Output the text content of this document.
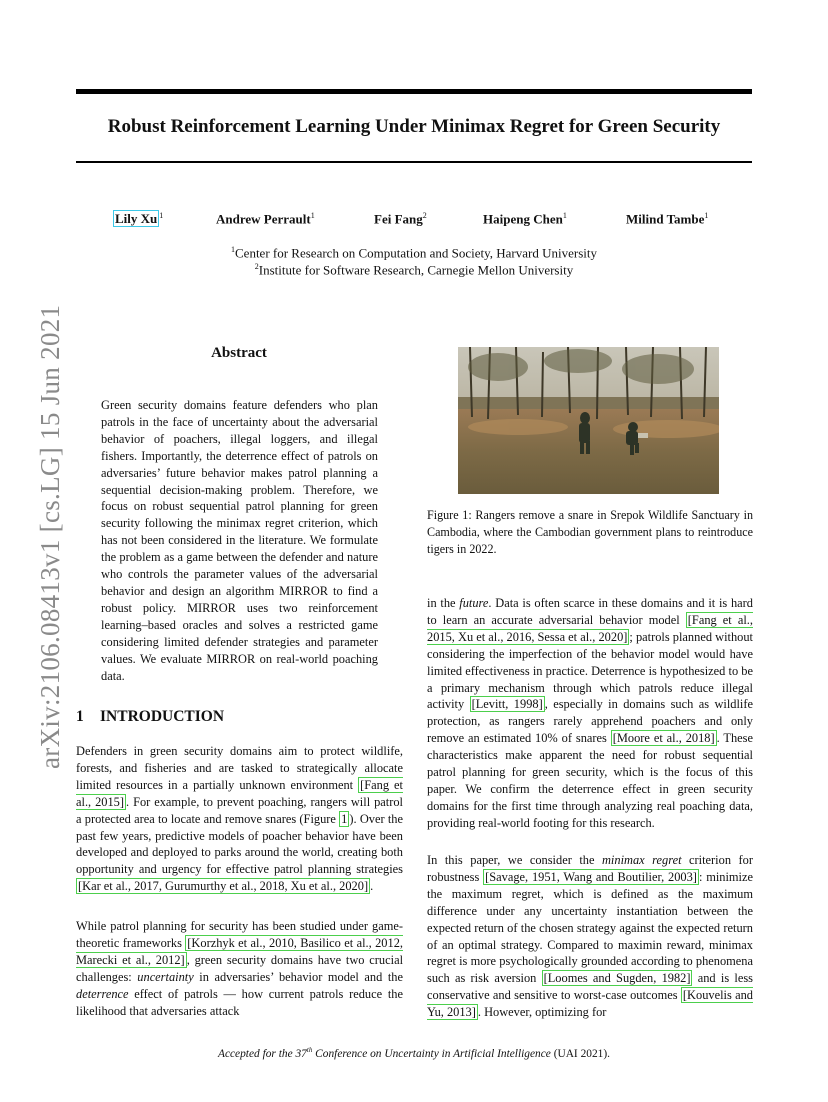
Robust Reinforcement Learning Under Minimax Regret for Green Security
Lily Xu $^1$	Andrew Perrault$^1$	Fei Fang$^2$	Haipeng Chen$^1$	Milind Tambe$^1$
$^1$Center for Research on Computation and Society, Harvard University
$^2$Institute for Software Research, Carnegie Mellon University
arXiv:2106.08413v1 [cs.LG] 15 Jun 2021	Abstract
Green security domains feature defenders who plan patrols in the face of uncertainty about the adversarial behavior of poachers, illegal loggers, and illegal fishers. Importantly, the deterrence effect of patrols on adversaries’ future behavior makes patrol planning a sequential decision-making problem. Therefore, we focus on robust sequential patrol planning for green security following the minimax regret criterion, which has not been considered in the literature. We formulate the problem as a game between the defender and nature who controls the parameter values of the adversarial behavior and design an algorithm MIRROR to find a robust policy. MIRROR uses two reinforcement learning–based oracles and solves a restricted game considering limited defender strategies and parameter values. We evaluate MIRROR on real-world poaching data.
1 INTRODUCTION
Defenders in green security domains aim to protect wildlife, forests, and fisheries and are tasked to strategically allocate limited resources in a partially unknown environment [Fang et al., 2015] . For example, to prevent poaching, rangers will patrol a protected area to locate and remove snares (Figure 1 ). Over the past few years, predictive models of poacher behavior have been developed and deployed to parks around the world, creating both opportunity and urgency for effective patrol planning strategies [Kar et al., 2017, Gurumurthy et al., 2018, Xu et al., 2020] .
While patrol planning for security has been studied under game-theoretic frameworks [Korzhyk et al., 2010, Basilico et al., 2012, Marecki et al., 2012] , green security domains have two crucial challenges: uncertainty in adversaries’ behavior model and the deterrence effect of patrols — how current patrols reduce the likelihood that adversaries attack
Figure 1: Rangers remove a snare in Srepok Wildlife Sanctuary in Cambodia, where the Cambodian government plans to reintroduce tigers in 2022.
in the future. Data is often scarce in these domains and it is hard to learn an accurate adversarial behavior model [Fang et al., 2015, Xu et al., 2016, Sessa et al., 2020] ; patrols planned without considering the imperfection of the behavior model would have limited effectiveness in practice. Deterrence is hypothesized to be a primary mechanism through which patrols reduce illegal activity [Levitt, 1998] , especially in domains such as wildlife protection, as rangers rarely apprehend poachers and only remove an estimated 10% of snares [Moore et al., 2018] . These characteristics make apparent the need for robust sequential patrol planning for green security, which is the focus of this paper. We confirm the deterrence effect in green security domains for the first time through analyzing real poaching data, providing real-world footing for this research.
In this paper, we consider the minimax regret criterion for robustness [Savage, 1951, Wang and Boutilier, 2003] : minimize the maximum regret, which is defined as the maximum difference under any uncertainty instantiation between the expected return of the chosen strategy against the expected return of an optimal strategy. Compared to maximin reward, minimax regret is more psychologically grounded according to phenomena such as risk aversion [Loomes and Sugden, 1982] and is less conservative and sensitive to worst-case outcomes [Kouvelis and Yu, 2013] . However, optimizing for
Accepted for the 37th Conference on Uncertainty in Artificial Intelligence (UAI 2021).
